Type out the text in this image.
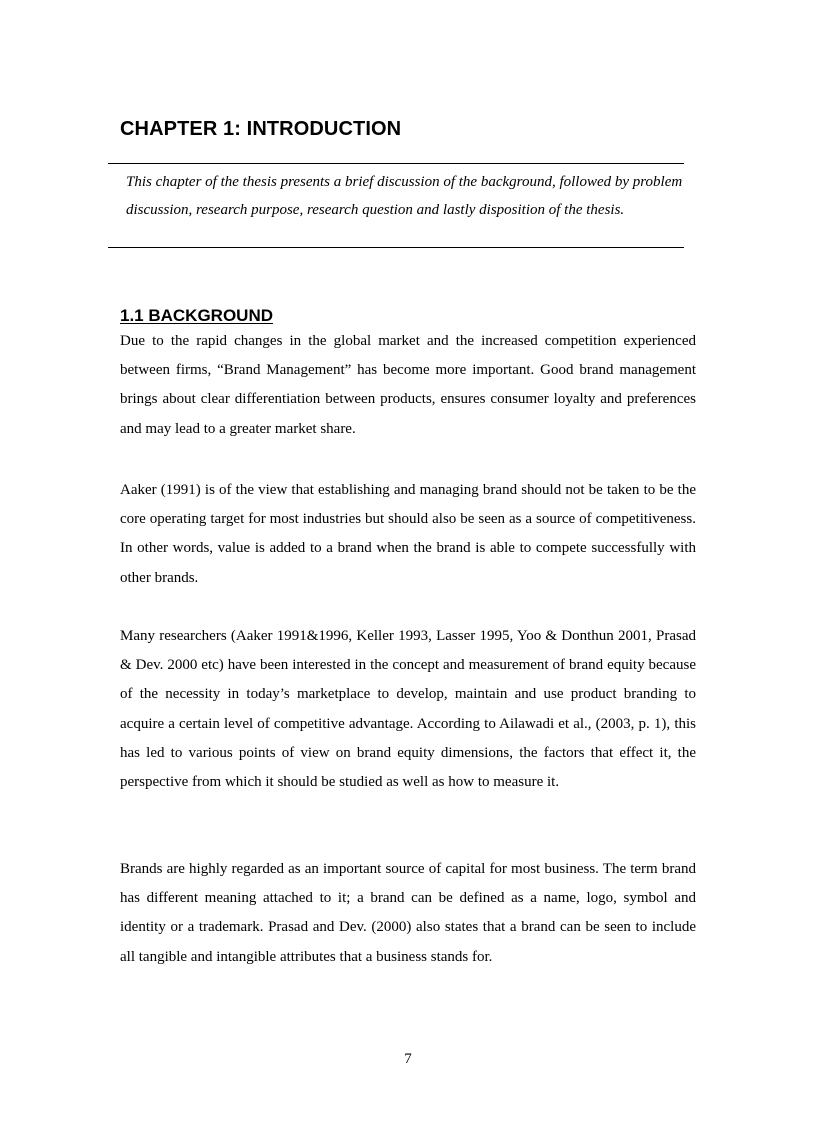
CHAPTER 1: INTRODUCTION

This chapter of the thesis presents a brief discussion of the background, followed by problem discussion, research purpose, research question and lastly disposition of the thesis.

1.1 BACKGROUND

Due to the rapid changes in the global market and the increased competition experienced between firms, “Brand Management” has become more important. Good brand management brings about clear differentiation between products, ensures consumer loyalty and preferences and may lead to a greater market share.

Aaker (1991) is of the view that establishing and managing brand should not be taken to be the core operating target for most industries but should also be seen as a source of competitiveness. In other words, value is added to a brand when the brand is able to compete successfully with other brands.

Many researchers (Aaker 1991&1996, Keller 1993, Lasser 1995, Yoo & Donthun 2001, Prasad & Dev. 2000 etc) have been interested in the concept and measurement of brand equity because of the necessity in today’s marketplace to develop, maintain and use product branding to acquire a certain level of competitive advantage. According to Ailawadi et al., (2003, p. 1), this has led to various points of view on brand equity dimensions, the factors that effect it, the perspective from which it should be studied as well as how to measure it.

Brands are highly regarded as an important source of capital for most business. The term brand has different meaning attached to it; a brand can be defined as a name, logo, symbol and identity or a trademark. Prasad and Dev. (2000) also states that a brand can be seen to include all tangible and intangible attributes that a business stands for.

7
